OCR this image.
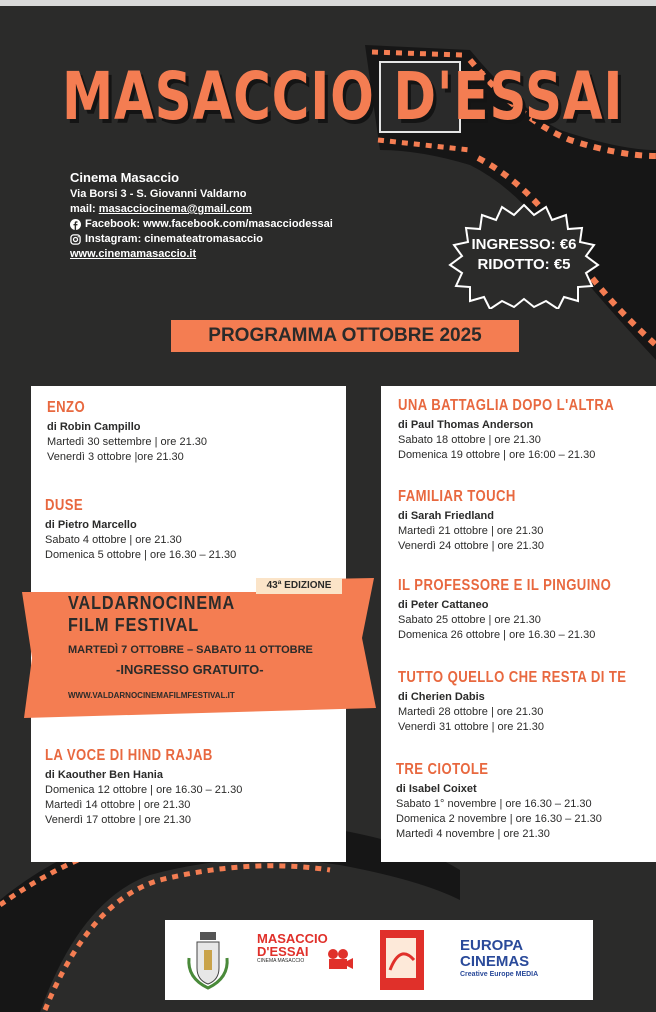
MASACCIO D'ESSAI
Cinema Masaccio
Via Borsi 3 - S. Giovanni Valdarno
mail: masacciocinema@gmail.com
Facebook: www.facebook.com/masacciodessai
Instagram: cinemateatromasaccio
www.cinemamasaccio.it
INGRESSO: €6
RIDOTTO: €5
PROGRAMMA OTTOBRE 2025
ENZO
di Robin Campillo
Martedì 30 settembre | ore 21.30
Venerdì 3 ottobre |ore 21.30
DUSE
di Pietro Marcello
Sabato 4 ottobre | ore 21.30
Domenica 5 ottobre | ore 16.30 – 21.30
LA VOCE DI HIND RAJAB
di Kaouther Ben Hania
Domenica 12 ottobre | ore 16.30 – 21.30
Martedì 14 ottobre | ore 21.30
Venerdì 17 ottobre | ore 21.30
UNA BATTAGLIA DOPO L'ALTRA
di Paul Thomas Anderson
Sabato 18 ottobre | ore 21.30
Domenica 19 ottobre | ore 16:00 – 21.30
FAMILIAR TOUCH
di Sarah Friedland
Martedì 21 ottobre | ore 21.30
Venerdì 24 ottobre | ore 21.30
IL PROFESSORE E IL PINGUINO
di Peter Cattaneo
Sabato 25 ottobre | ore 21.30
Domenica 26 ottobre | ore 16.30 – 21.30
TUTTO QUELLO CHE RESTA DI TE
di Cherien Dabis
Martedì 28 ottobre | ore 21.30
Venerdì 31 ottobre | ore 21.30
TRE CIOTOLE
di Isabel Coixet
Sabato 1° novembre | ore 16.30 – 21.30
Domenica 2 novembre | ore 16.30 – 21.30
Martedì 4 novembre | ore 21.30
43ª EDIZIONE
VALDARNOCINEMA
FILM FESTIVAL
MARTEDÌ 7 OTTOBRE – SABATO 11 OTTOBRE
-INGRESSO GRATUITO-
WWW.VALDARNOCINEMAFILMFESTIVAL.IT
MASACCIO
D'ESSAI
CINEMA MASACCIO
EUROPA
CINEMAS
Creative Europe MEDIA
